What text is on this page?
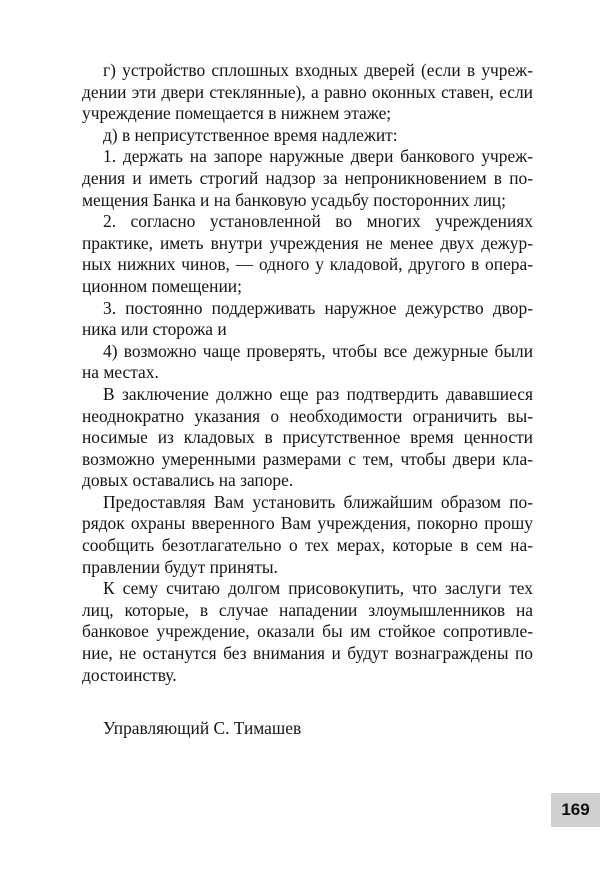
г) устройство сплошных входных дверей (если в учреждении эти двери стеклянные), а равно оконных ставен, если учреждение помещается в нижнем этаже;

д) в неприсутственное время надлежит:

1. держать на запоре наружные двери банкового учреждения и иметь строгий надзор за непроникновением в помещения Банка и на банковую усадьбу посторонних лиц;

2. согласно установленной во многих учреждениях практике, иметь внутри учреждения не менее двух дежурных нижних чинов, — одного у кладовой, другого в операционном помещении;

3. постоянно поддерживать наружное дежурство дворника или сторожа и

4) возможно чаще проверять, чтобы все дежурные были на местах.

В заключение должно еще раз подтвердить дававшиеся неоднократно указания о необходимости ограничить выносимые из кладовых в присутственное время ценности возможно умеренными размерами с тем, чтобы двери кладовых оставались на запоре.

Предоставляя Вам установить ближайшим образом порядок охраны вверенного Вам учреждения, покорно прошу сообщить безотлагательно о тех мерах, которые в сем направлении будут приняты.

К сему считаю долгом присовокупить, что заслуги тех лиц, которые, в случае нападении злоумышленников на банковое учреждение, оказали бы им стойкое сопротивление, не останутся без внимания и будут вознаграждены по достоинству.

Управляющий С. Тимашев

169
